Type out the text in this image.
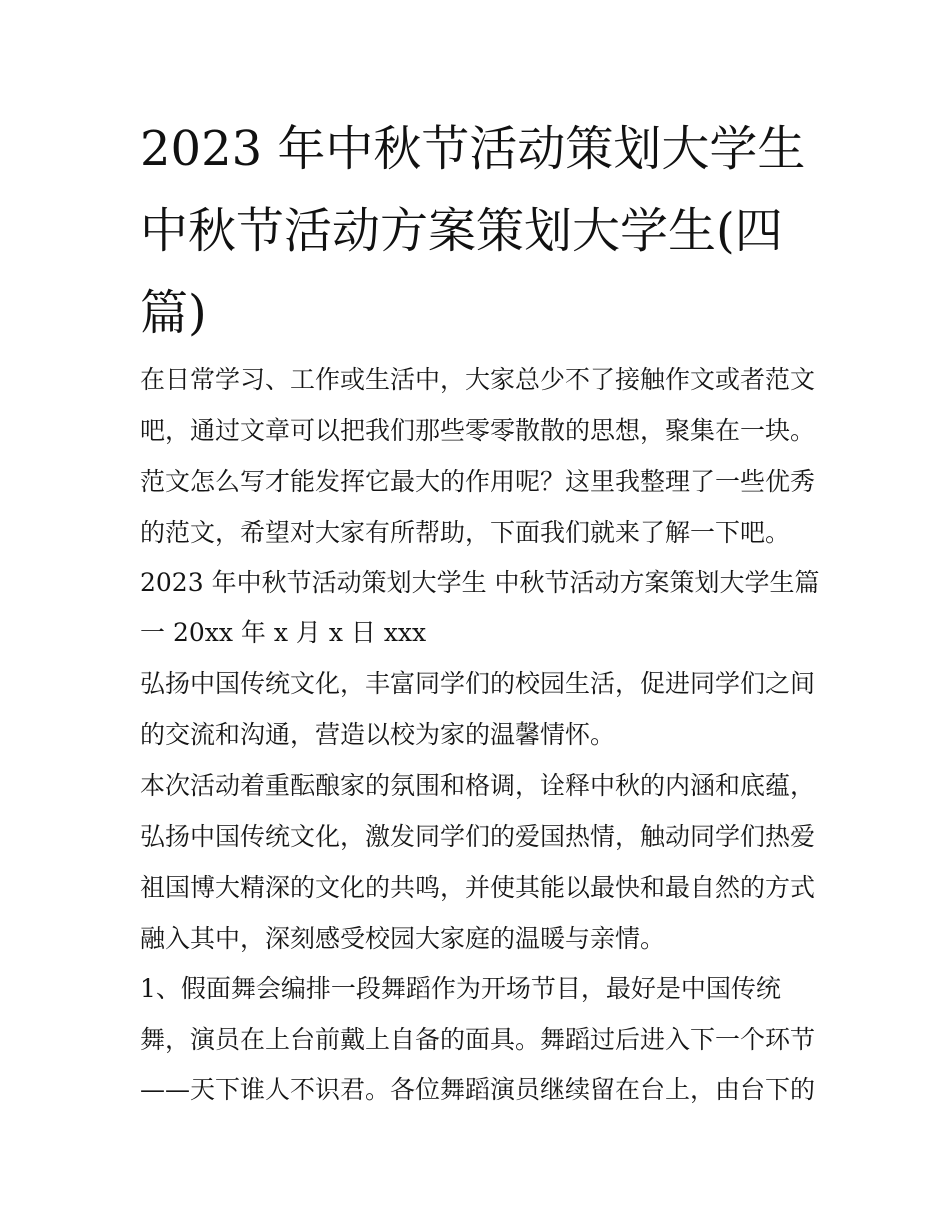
2023 年中秋节活动策划大学生
中秋节活动方案策划大学生(四
篇)

在日常学习、工作或生活中，大家总少不了接触作文或者范文

吧，通过文章可以把我们那些零零散散的思想，聚集在一块。

范文怎么写才能发挥它最大的作用呢？这里我整理了一些优秀

的范文，希望对大家有所帮助，下面我们就来了解一下吧。

2023 年中秋节活动策划大学生 中秋节活动方案策划大学生篇

一 20xx 年 x 月 x 日 xxx

弘扬中国传统文化，丰富同学们的校园生活，促进同学们之间

的交流和沟通，营造以校为家的温馨情怀。

本次活动着重酝酿家的氛围和格调，诠释中秋的内涵和底蕴，

弘扬中国传统文化，激发同学们的爱国热情，触动同学们热爱

祖国博大精深的文化的共鸣，并使其能以最快和最自然的方式

融入其中，深刻感受校园大家庭的温暖与亲情。

1、假面舞会编排一段舞蹈作为开场节目，最好是中国传统

舞，演员在上台前戴上自备的面具。舞蹈过后进入下一个环节

——天下谁人不识君。各位舞蹈演员继续留在台上，由台下的
